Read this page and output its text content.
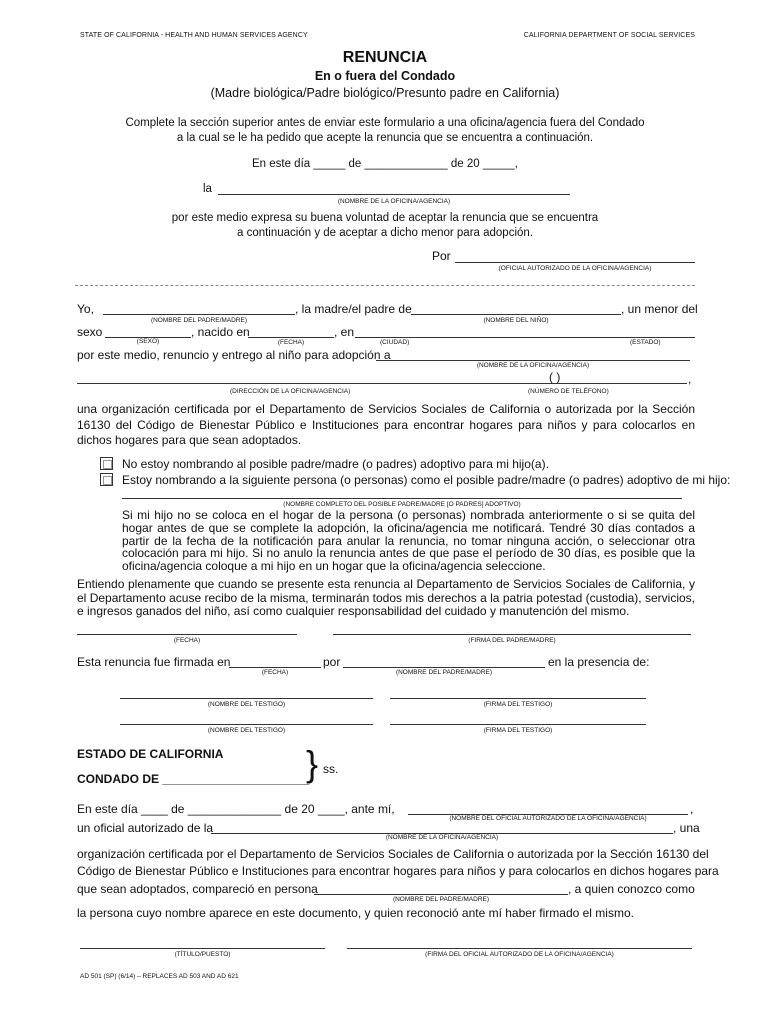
STATE OF CALIFORNIA - HEALTH AND HUMAN SERVICES AGENCY	CALIFORNIA DEPARTMENT OF SOCIAL SERVICES
RENUNCIA
En o fuera del Condado
(Madre biológica/Padre biológico/Presunto padre en California)
Complete la sección superior antes de enviar este formulario a una oficina/agencia fuera del Condado
a la cual se le ha pedido que acepte la renuncia que se encuentra a continuación.
En este día _____ de _____________ de 20 _____,
la
(NOMBRE DE LA OFICINA/AGENCIA)
por este medio expresa su buena voluntad de aceptar la renuncia que se encuentra
a continuación y de aceptar a dicho menor para adopción.
Por
(OFICIAL AUTORIZADO DE LA OFICINA/AGENCIA)
Yo,	, la madre/el padre de	, un menor del
(NOMBRE DEL PADRE/MADRE)	(NOMBRE DEL NIÑO)
sexo	, nacido en	, en
(SEXO)	(FECHA)	(CIUDAD)	(ESTADO)
por este medio, renuncio y entrego al niño para adopción a
(NOMBRE DE LA OFICINA/AGENCIA)
( )	,
(DIRECCIÓN DE LA OFICINA/AGENCIA)	(NÚMERO DE TELÉFONO)
una organización certificada por el Departamento de Servicios Sociales de California o autorizada por la Sección 16130 del Código de Bienestar Público e Instituciones para encontrar hogares para niños y para colocarlos en dichos hogares para que sean adoptados.
No estoy nombrando al posible padre/madre (o padres) adoptivo para mi hijo(a).
Estoy nombrando a la siguiente persona (o personas) como el posible padre/madre (o padres) adoptivo de mi hijo:
(NOMBRE COMPLETO DEL POSIBLE PADRE/MADRE [O PADRES] ADOPTIVO)
Si mi hijo no se coloca en el hogar de la persona (o personas) nombrada anteriormente o si se quita del hogar antes de que se complete la adopción, la oficina/agencia me notificará. Tendré 30 días contados a partir de la fecha de la notificación para anular la renuncia, no tomar ninguna acción, o seleccionar otra colocación para mi hijo. Si no anulo la renuncia antes de que pase el período de 30 días, es posible que la oficina/agencia coloque a mi hijo en un hogar que la oficina/agencia seleccione.
Entiendo plenamente que cuando se presente esta renuncia al Departamento de Servicios Sociales de California, y el Departamento acuse recibo de la misma, terminarán todos mis derechos a la patria potestad (custodia), servicios, e ingresos ganados del niño, así como cualquier responsabilidad del cuidado y manutención del mismo.
(FECHA)	(FIRMA DEL PADRE/MADRE)
Esta renuncia fue firmada en	por	en la presencia de:
(FECHA)	(NOMBRE DEL PADRE/MADRE)
(NOMBRE DEL TESTIGO)	(FIRMA DEL TESTIGO)
(NOMBRE DEL TESTIGO)	(FIRMA DEL TESTIGO)
ESTADO DE CALIFORNIA
CONDADO DE ______________________
} ss.
En este día ____ de ______________ de 20 ____, ante mí,	,
(NOMBRE DEL OFICIAL AUTORIZADO DE LA OFICINA/AGENCIA)
un oficial autorizado de la	, una
(NOMBRE DE LA OFICINA/AGENCIA)
organización certificada por el Departamento de Servicios Sociales de California o autorizada por la Sección 16130 del
Código de Bienestar Público e Instituciones para encontrar hogares para niños y para colocarlos en dichos hogares para
que sean adoptados, compareció en persona	, a quien conozco como
(NOMBRE DEL PADRE/MADRE)
la persona cuyo nombre aparece en este documento, y quien reconoció ante mí haber firmado el mismo.
(TÍTULO/PUESTO)	(FIRMA DEL OFICIAL AUTORIZADO DE LA OFICINA/AGENCIA)
AD 501 (SP) (6/14) – REPLACES AD 503 AND AD 621
